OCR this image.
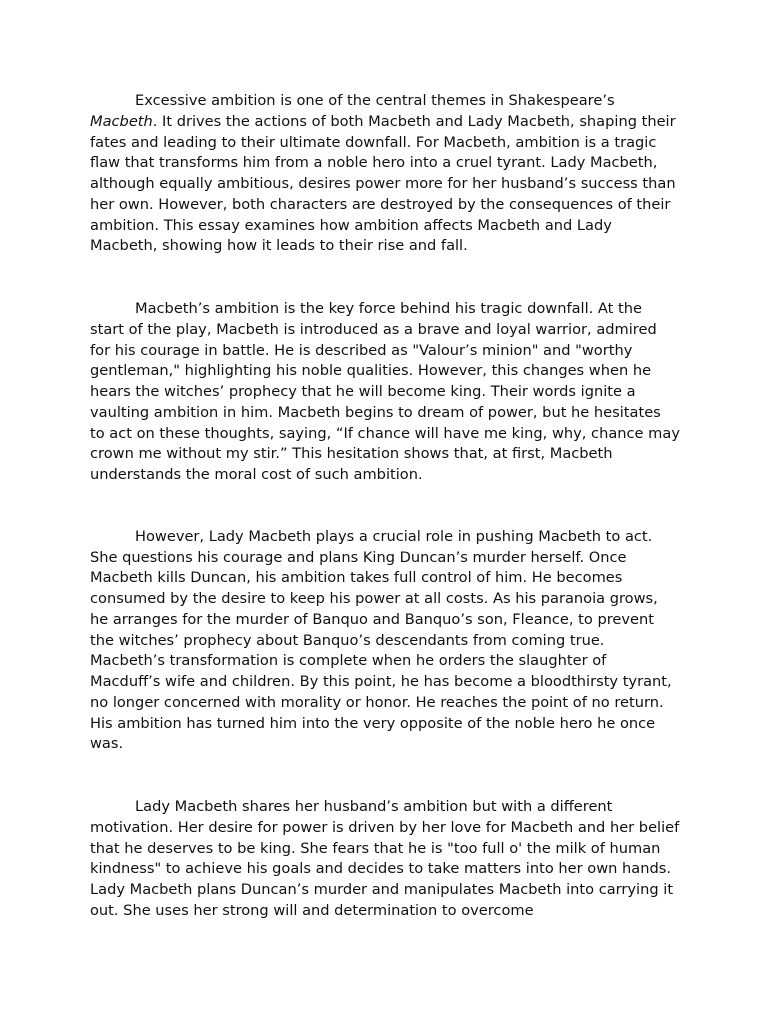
Excessive ambition is one of the central themes in Shakespeare’s Macbeth. It drives the actions of both Macbeth and Lady Macbeth, shaping their fates and leading to their ultimate downfall. For Macbeth, ambition is a tragic flaw that transforms him from a noble hero into a cruel tyrant. Lady Macbeth, although equally ambitious, desires power more for her husband’s success than her own. However, both characters are destroyed by the consequences of their ambition. This essay examines how ambition affects Macbeth and Lady Macbeth, showing how it leads to their rise and fall.

Macbeth’s ambition is the key force behind his tragic downfall. At the start of the play, Macbeth is introduced as a brave and loyal warrior, admired for his courage in battle. He is described as "Valour’s minion" and "worthy gentleman," highlighting his noble qualities. However, this changes when he hears the witches’ prophecy that he will become king. Their words ignite a vaulting ambition in him. Macbeth begins to dream of power, but he hesitates to act on these thoughts, saying, “If chance will have me king, why, chance may crown me without my stir.” This hesitation shows that, at first, Macbeth understands the moral cost of such ambition.

However, Lady Macbeth plays a crucial role in pushing Macbeth to act. She questions his courage and plans King Duncan’s murder herself. Once Macbeth kills Duncan, his ambition takes full control of him. He becomes consumed by the desire to keep his power at all costs. As his paranoia grows, he arranges for the murder of Banquo and Banquo’s son, Fleance, to prevent the witches’ prophecy about Banquo’s descendants from coming true. Macbeth’s transformation is complete when he orders the slaughter of Macduff’s wife and children. By this point, he has become a bloodthirsty tyrant, no longer concerned with morality or honor. He reaches the point of no return. His ambition has turned him into the very opposite of the noble hero he once was.

Lady Macbeth shares her husband’s ambition but with a different motivation. Her desire for power is driven by her love for Macbeth and her belief that he deserves to be king. She fears that he is "too full o' the milk of human kindness" to achieve his goals and decides to take matters into her own hands. Lady Macbeth plans Duncan’s murder and manipulates Macbeth into carrying it out. She uses her strong will and determination to overcome
